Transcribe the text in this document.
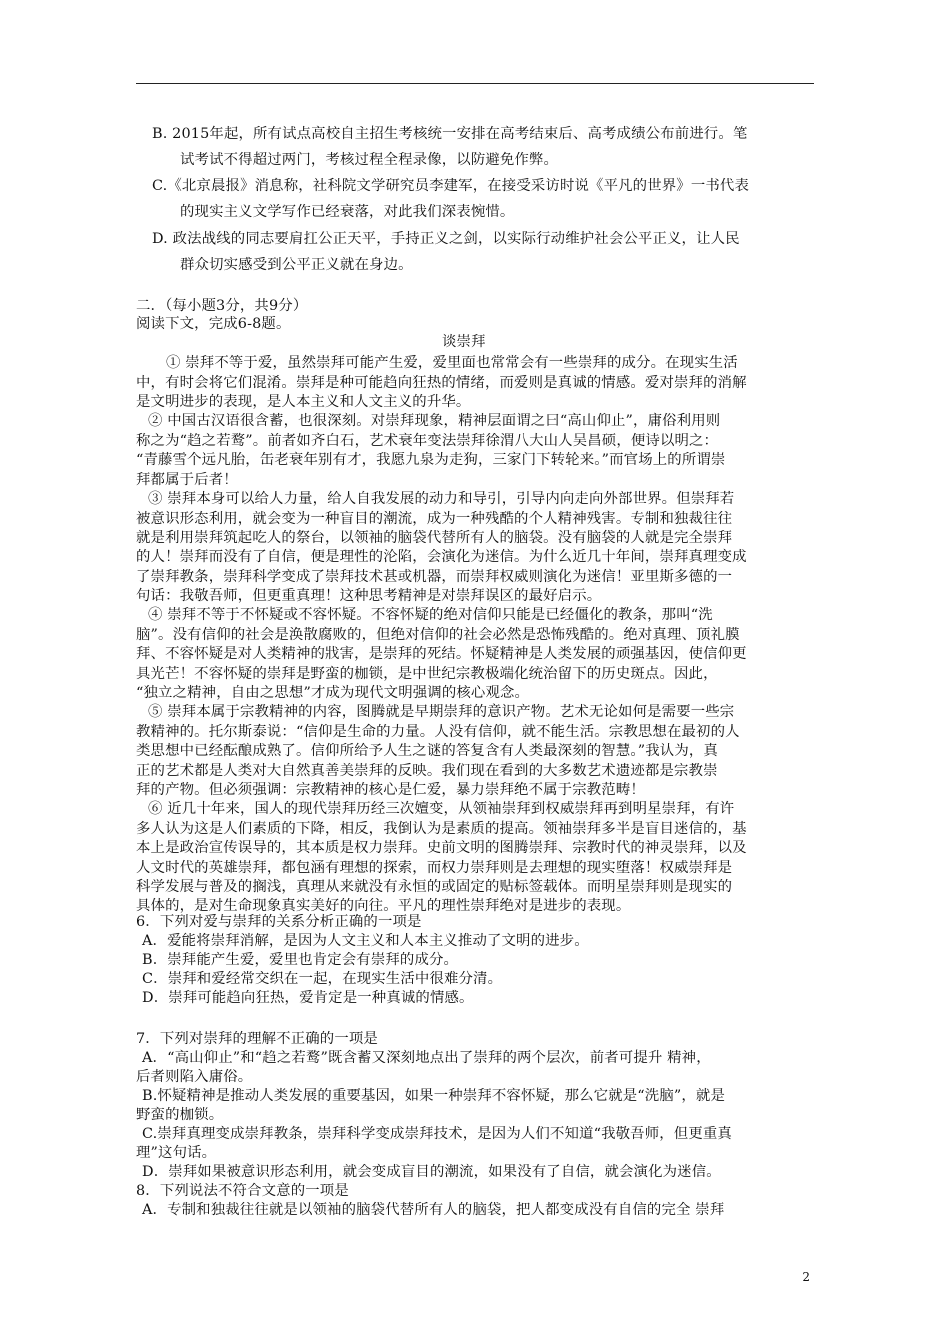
B. 2015年起，所有试点高校自主招生考核统一安排在高考结束后、高考成绩公布前进行。笔
试考试不得超过两门，考核过程全程录像，以防避免作弊。
C.《北京晨报》消息称，社科院文学研究员李建军，在接受采访时说《平凡的世界》一书代表
的现实主义文学写作已经衰落，对此我们深表惋惜。
D. 政法战线的同志要肩扛公正天平，手持正义之剑，以实际行动维护社会公平正义，让人民
群众切实感受到公平正义就在身边。
二．（每小题3分，共9分）
阅读下文，完成6-8题。
谈崇拜
① 崇拜不等于爱，虽然崇拜可能产生爱，爱里面也常常会有一些崇拜的成分。在现实生活
中，有时会将它们混淆。崇拜是种可能趋向狂热的情绪，而爱则是真诚的情感。爱对崇拜的消解
是文明进步的表现，是人本主义和人文主义的升华。
② 中国古汉语很含蓄，也很深刻。对崇拜现象，精神层面谓之曰“高山仰止”，庸俗利用则
称之为“趋之若鹜”。前者如齐白石，艺术衰年变法崇拜徐渭八大山人吴昌硕，便诗以明之：
“青藤雪个远凡胎，缶老衰年别有才，我愿九泉为走狗，三家门下转轮来。”而官场上的所谓崇
拜都属于后者！
③ 崇拜本身可以给人力量，给人自我发展的动力和导引，引导内向走向外部世界。但崇拜若
被意识形态利用，就会变为一种盲目的潮流，成为一种残酷的个人精神残害。专制和独裁往往
就是利用崇拜筑起吃人的祭台，以领袖的脑袋代替所有人的脑袋。没有脑袋的人就是完全崇拜
的人！崇拜而没有了自信，便是理性的沦陷，会演化为迷信。为什么近几十年间，崇拜真理变成
了崇拜教条，崇拜科学变成了崇拜技术甚或机器，而崇拜权威则演化为迷信！亚里斯多德的一
句话：我敬吾师，但更重真理！这种思考精神是对崇拜误区的最好启示。
④ 崇拜不等于不怀疑或不容怀疑。不容怀疑的绝对信仰只能是已经僵化的教条，那叫“洗
脑”。没有信仰的社会是涣散腐败的，但绝对信仰的社会必然是恐怖残酷的。绝对真理、顶礼膜
拜、不容怀疑是对人类精神的戕害，是崇拜的死结。怀疑精神是人类发展的顽强基因，使信仰更
具光芒！不容怀疑的崇拜是野蛮的枷锁，是中世纪宗教极端化统治留下的历史斑点。因此，
“独立之精神，自由之思想”才成为现代文明强调的核心观念。
⑤ 崇拜本属于宗教精神的内容，图腾就是早期崇拜的意识产物。艺术无论如何是需要一些宗
教精神的。托尔斯泰说：“信仰是生命的力量。人没有信仰，就不能生活。宗教思想在最初的人
类思想中已经酝酿成熟了。信仰所给予人生之谜的答复含有人类最深刻的智慧。”我认为，真
正的艺术都是人类对大自然真善美崇拜的反映。我们现在看到的大多数艺术遗迹都是宗教崇
拜的产物。但必须强调：宗教精神的核心是仁爱，暴力崇拜绝不属于宗教范畴！
⑥ 近几十年来，国人的现代崇拜历经三次嬗变，从领袖崇拜到权威崇拜再到明星崇拜，有许
多人认为这是人们素质的下降，相反，我倒认为是素质的提高。领袖崇拜多半是盲目迷信的，基
本上是政治宣传误导的，其本质是权力崇拜。史前文明的图腾崇拜、宗教时代的神灵崇拜，以及
人文时代的英雄崇拜，都包涵有理想的探索，而权力崇拜则是去理想的现实堕落！权威崇拜是
科学发展与普及的搁浅，真理从来就没有永恒的或固定的贴标签载体。而明星崇拜则是现实的
具体的，是对生命现象真实美好的向往。平凡的理性崇拜绝对是进步的表现。
6．下列对爱与崇拜的关系分析正确的一项是
A．爱能将崇拜消解，是因为人文主义和人本主义推动了文明的进步。
B．崇拜能产生爱，爱里也肯定会有崇拜的成分。
C．崇拜和爱经常交织在一起，在现实生活中很难分清。
D．崇拜可能趋向狂热，爱肯定是一种真诚的情感。
7．下列对崇拜的理解不正确的一项是
A．“高山仰止”和“趋之若鹜”既含蓄又深刻地点出了崇拜的两个层次，前者可提升 精神，
后者则陷入庸俗。
B.怀疑精神是推动人类发展的重要基因，如果一种崇拜不容怀疑，那么它就是“洗脑”，就是
野蛮的枷锁。
C.崇拜真理变成崇拜教条，崇拜科学变成崇拜技术，是因为人们不知道“我敬吾师，但更重真
理”这句话。
D．崇拜如果被意识形态利用，就会变成盲目的潮流，如果没有了自信，就会演化为迷信。
8．下列说法不符合文意的一项是
A．专制和独裁往往就是以领袖的脑袋代替所有人的脑袋，把人都变成没有自信的完全 崇拜
2
